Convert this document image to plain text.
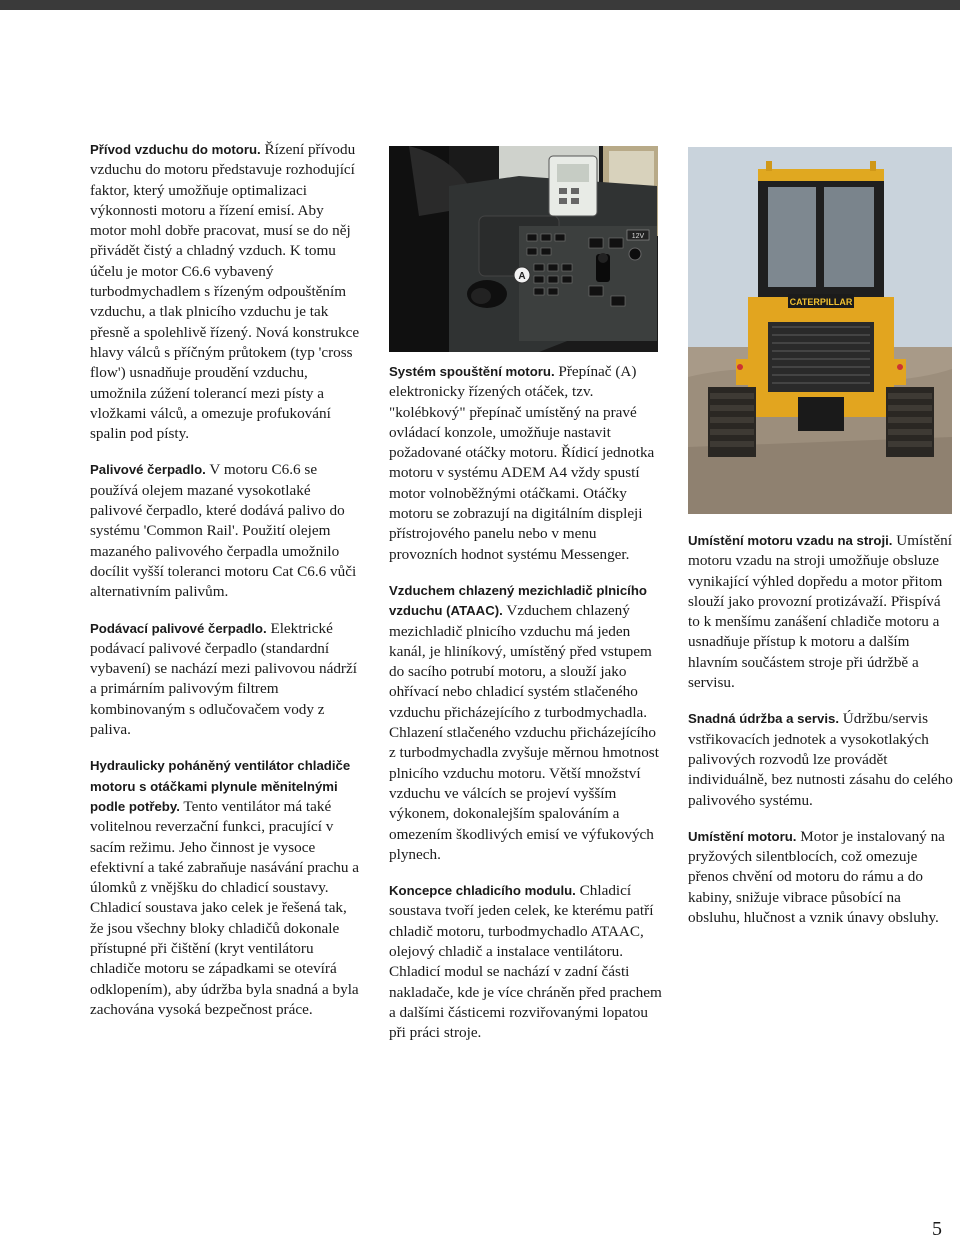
Přívod vzduchu do motoru. Řízení přívodu vzduchu do motoru představuje rozhodující faktor, který umožňuje optimalizaci výkonnosti motoru a řízení emisí. Aby motor mohl dobře pracovat, musí se do něj přivádět čistý a chladný vzduch. K tomu účelu je motor C6.6 vybavený turbodmychadlem s řízeným odpouštěním vzduchu, a tlak plnicího vzduchu je tak přesně a spolehlivě řízený. Nová konstrukce hlavy válců s příčným průtokem (typ 'cross flow') usnadňuje proudění vzduchu, umožnila zúžení tolerancí mezi písty a vložkami válců, a omezuje profukování spalin pod písty.

Palivové čerpadlo. V motoru C6.6 se používá olejem mazané vysokotlaké palivové čerpadlo, které dodává palivo do systému 'Common Rail'. Použití olejem mazaného palivového čerpadla umožnilo docílit vyšší toleranci motoru Cat C6.6 vůči alternativním palivům.

Podávací palivové čerpadlo. Elektrické podávací palivové čerpadlo (standardní vybavení) se nachází mezi palivovou nádrží a primárním palivovým filtrem kombinovaným s odlučovačem vody z paliva.

Hydraulicky poháněný ventilátor chladiče motoru s otáčkami plynule měnitelnými podle potřeby. Tento ventilátor má také volitelnou reverzační funkci, pracující v sacím režimu. Jeho činnost je vysoce efektivní a také zabraňuje nasávání prachu a úlomků z vnějšku do chladicí soustavy.

Chladicí soustava jako celek je řešená tak, že jsou všechny bloky chladičů dokonale přístupné při čištění (kryt ventilátoru chladiče motoru se západkami se otevírá odklopením), aby údržba byla snadná a byla zachována vysoká bezpečnost práce.

12V
A

Systém spouštění motoru. Přepínač (A) elektronicky řízených otáček, tzv. "kolébkový" přepínač umístěný na pravé ovládací konzole, umožňuje nastavit požadované otáčky motoru. Řídicí jednotka motoru v systému ADEM A4 vždy spustí motor volnoběžnými otáčkami. Otáčky motoru se zobrazují na digitálním displeji přístrojového panelu nebo v menu provozních hodnot systému Messenger.

Vzduchem chlazený mezichladič plnicího vzduchu (ATAAC). Vzduchem chlazený mezichladič plnicího vzduchu má jeden kanál, je hliníkový, umístěný před vstupem do sacího potrubí motoru, a slouží jako ohřívací nebo chladicí systém stlačeného vzduchu přicházejícího z turbodmychadla. Chlazení stlačeného vzduchu přicházejícího z turbodmychadla zvyšuje měrnou hmotnost plnicího vzduchu motoru. Větší množství vzduchu ve válcích se projeví vyšším výkonem, dokonalejším spalováním a omezením škodlivých emisí ve výfukových plynech.

Koncepce chladicího modulu. Chladicí soustava tvoří jeden celek, ke kterému patří chladič motoru, turbodmychadlo ATAAC, olejový chladič a instalace ventilátoru. Chladicí modul se nachází v zadní části nakladače, kde je více chráněn před prachem a dalšími částicemi rozviřovanými lopatou při práci stroje.

CATERPILLAR

Umístění motoru vzadu na stroji. Umístění motoru vzadu na stroji umožňuje obsluze vynikající výhled dopředu a motor přitom slouží jako provozní protizávaží. Přispívá to k menšímu zanášení chladiče motoru a usnadňuje přístup k motoru a dalším hlavním součástem stroje při údržbě a servisu.

Snadná údržba a servis. Údržbu/servis vstřikovacích jednotek a vysokotlakých palivových rozvodů lze provádět individuálně, bez nutnosti zásahu do celého palivového systému.

Umístění motoru. Motor je instalovaný na pryžových silentblocích, což omezuje přenos chvění od motoru do rámu a do kabiny, snižuje vibrace působící na obsluhu, hlučnost a vznik únavy obsluhy.

5
